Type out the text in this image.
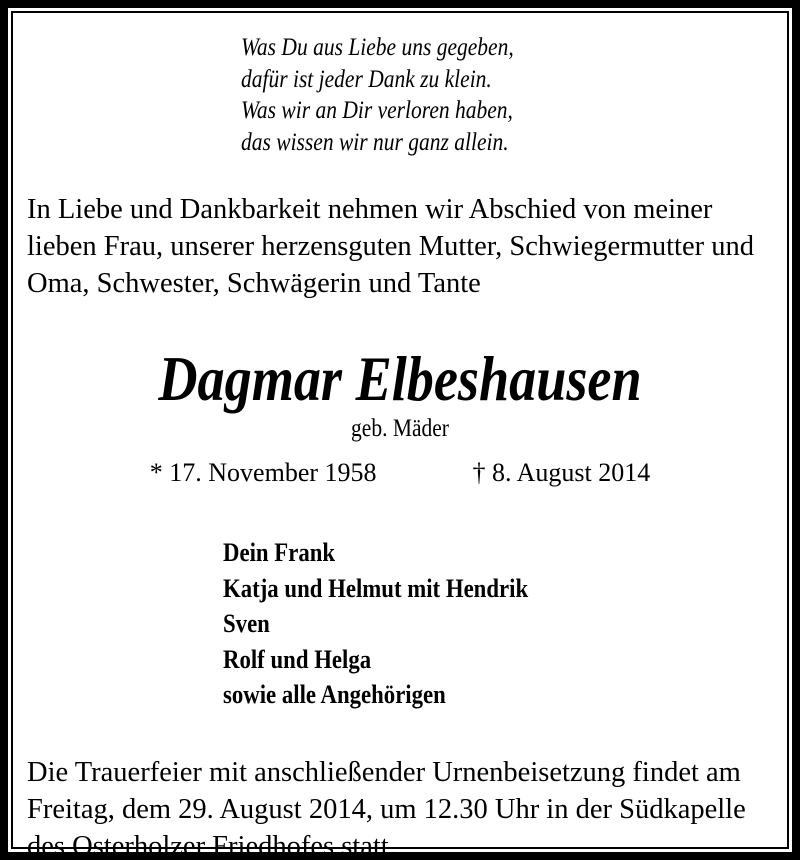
Was Du aus Liebe uns gegeben,
dafür ist jeder Dank zu klein.
Was wir an Dir verloren haben,
das wissen wir nur ganz allein.

In Liebe und Dankbarkeit nehmen wir Abschied von meiner lieben Frau, unserer herzensguten Mutter, Schwiegermutter und Oma, Schwester, Schwägerin und Tante

Dagmar Elbeshausen
geb. Mäder
* 17. November 1958	† 8. August 2014
Dein Frank
Katja und Helmut mit Hendrik
Sven
Rolf und Helga
sowie alle Angehörigen

Die Trauerfeier mit anschließender Urnenbeisetzung findet am Freitag, dem 29. August 2014, um 12.30 Uhr in der Südkapelle des Osterholzer Friedhofes statt.
